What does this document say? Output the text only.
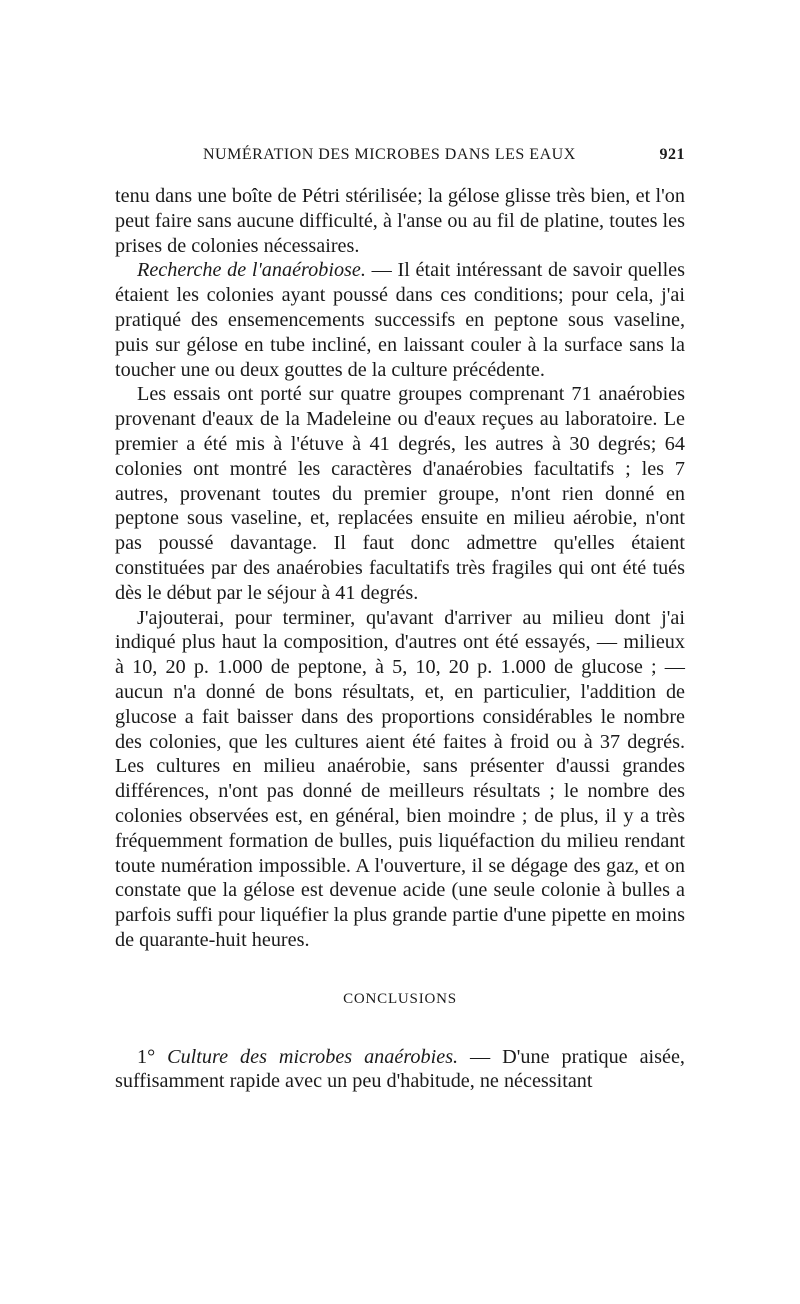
NUMÉRATION DES MICROBES DANS LES EAUX	921

tenu dans une boîte de Pétri stérilisée; la gélose glisse très bien, et l'on peut faire sans aucune difficulté, à l'anse ou au fil de platine, toutes les prises de colonies nécessaires.

Recherche de l'anaérobiose. — Il était intéressant de savoir quelles étaient les colonies ayant poussé dans ces conditions; pour cela, j'ai pratiqué des ensemencements successifs en peptone sous vaseline, puis sur gélose en tube incliné, en laissant couler à la surface sans la toucher une ou deux gouttes de la culture précédente.

Les essais ont porté sur quatre groupes comprenant 71 anaérobies provenant d'eaux de la Madeleine ou d'eaux reçues au laboratoire. Le premier a été mis à l'étuve à 41 degrés, les autres à 30 degrés; 64 colonies ont montré les caractères d'anaérobies facultatifs ; les 7 autres, provenant toutes du premier groupe, n'ont rien donné en peptone sous vaseline, et, replacées ensuite en milieu aérobie, n'ont pas poussé davantage. Il faut donc admettre qu'elles étaient constituées par des anaérobies facultatifs très fragiles qui ont été tués dès le début par le séjour à 41 degrés.

J'ajouterai, pour terminer, qu'avant d'arriver au milieu dont j'ai indiqué plus haut la composition, d'autres ont été essayés, — milieux à 10, 20 p. 1.000 de peptone, à 5, 10, 20 p. 1.000 de glucose ; — aucun n'a donné de bons résultats, et, en particulier, l'addition de glucose a fait baisser dans des proportions considérables le nombre des colonies, que les cultures aient été faites à froid ou à 37 degrés. Les cultures en milieu anaérobie, sans présenter d'aussi grandes différences, n'ont pas donné de meilleurs résultats ; le nombre des colonies observées est, en général, bien moindre ; de plus, il y a très fréquemment formation de bulles, puis liquéfaction du milieu rendant toute numération impossible. A l'ouverture, il se dégage des gaz, et on constate que la gélose est devenue acide (une seule colonie à bulles a parfois suffi pour liquéfier la plus grande partie d'une pipette en moins de quarante-huit heures.

CONCLUSIONS

1° Culture des microbes anaérobies. — D'une pratique aisée, suffisamment rapide avec un peu d'habitude, ne nécessitant
